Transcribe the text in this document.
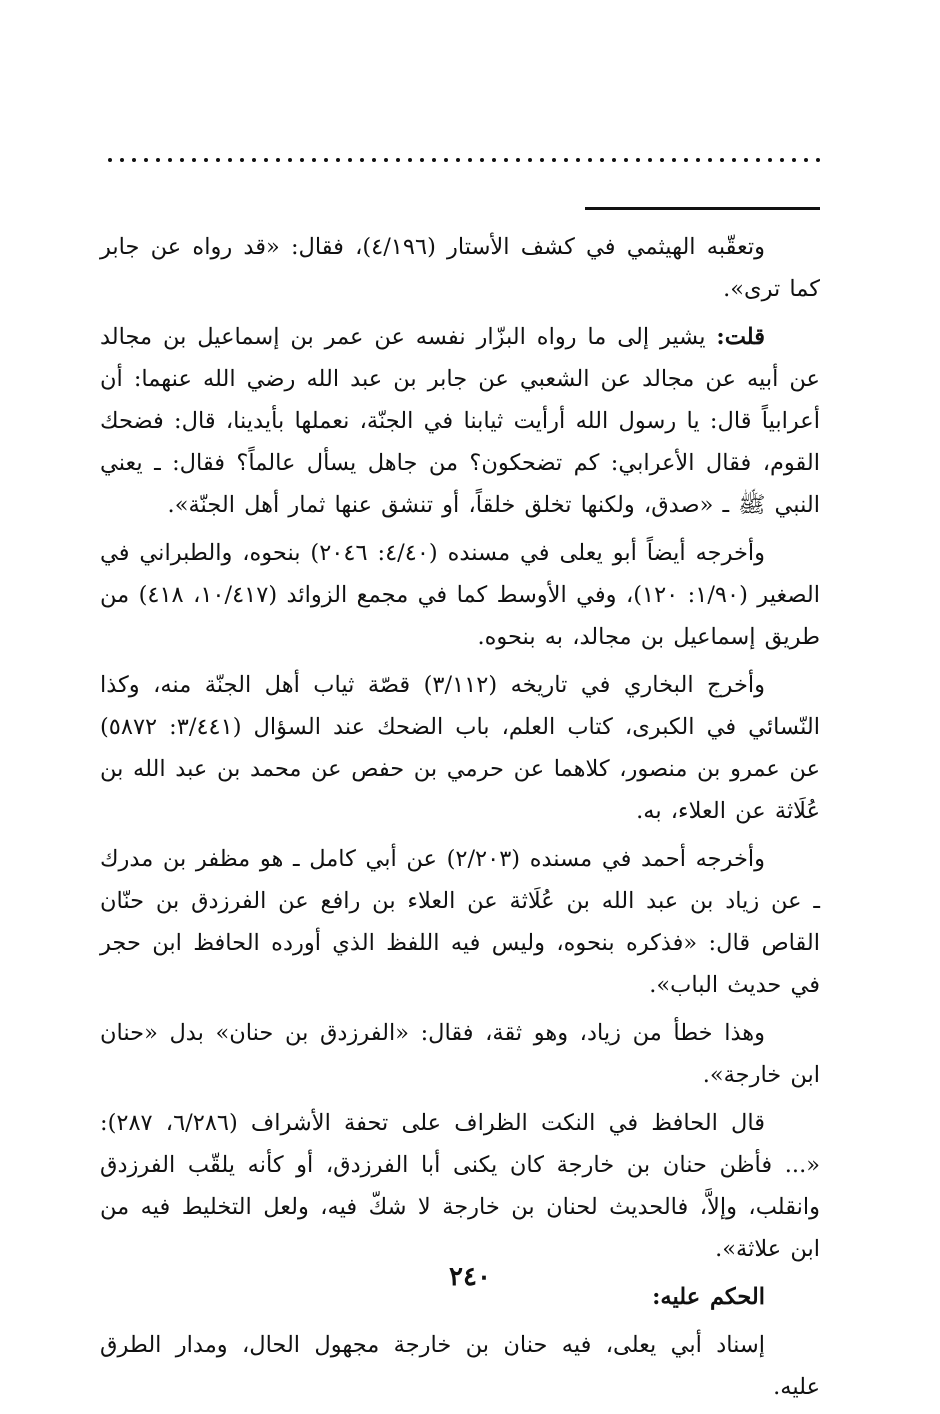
وتعقّبه الهيثمي في كشف الأستار (٤/١٩٦)، فقال: «قد رواه عن جابر كما ترى».

قلت: يشير إلى ما رواه البزّار نفسه عن عمر بن إسماعيل بن مجالد عن أبيه عن مجالد عن الشعبي عن جابر بن عبد الله رضي الله عنهما: أن أعرابياً قال: يا رسول الله أرأيت ثيابنا في الجنّة، نعملها بأيدينا، قال: فضحك القوم، فقال الأعرابي: كم تضحكون؟ من جاهل يسأل عالماً؟ فقال: ـ يعني النبي ﷺ ـ «صدق، ولكنها تخلق خلقاً، أو تنشق عنها ثمار أهل الجنّة».

وأخرجه أيضاً أبو يعلى في مسنده (٤/٤٠: ٢٠٤٦) بنحوه، والطبراني في الصغير (١/٩٠: ١٢٠)، وفي الأوسط كما في مجمع الزوائد (١٠/٤١٧، ٤١٨) من طريق إسماعيل بن مجالد، به بنحوه.

وأخرج البخاري في تاريخه (٣/١١٢) قصّة ثياب أهل الجنّة منه، وكذا النّسائي في الكبرى، كتاب العلم، باب الضحك عند السؤال (٣/٤٤١: ٥٨٧٢) عن عمرو بن منصور، كلاهما عن حرمي بن حفص عن محمد بن عبد الله بن عُلَاثة عن العلاء، به.

وأخرجه أحمد في مسنده (٢/٢٠٣) عن أبي كامل ـ هو مظفر بن مدرك ـ عن زياد بن عبد الله بن عُلَاثة عن العلاء بن رافع عن الفرزدق بن حنّان القاص قال: «فذكره بنحوه، وليس فيه اللفظ الذي أورده الحافظ ابن حجر في حديث الباب».

وهذا خطأ من زياد، وهو ثقة، فقال: «الفرزدق بن حنان» بدل «حنان ابن خارجة».

قال الحافظ في النكت الظراف على تحفة الأشراف (٦/٢٨٦، ٢٨٧): «... فأظن حنان بن خارجة كان يكنى أبا الفرزدق، أو كأنه يلقّب الفرزدق وانقلب، وإلاَّ، فالحديث لحنان بن خارجة لا شكّ فيه، ولعل التخليط فيه من ابن علاثة».

الحكم عليه:

إسناد أبي يعلى، فيه حنان بن خارجة مجهول الحال، ومدار الطرق عليه.

٢٤٠
